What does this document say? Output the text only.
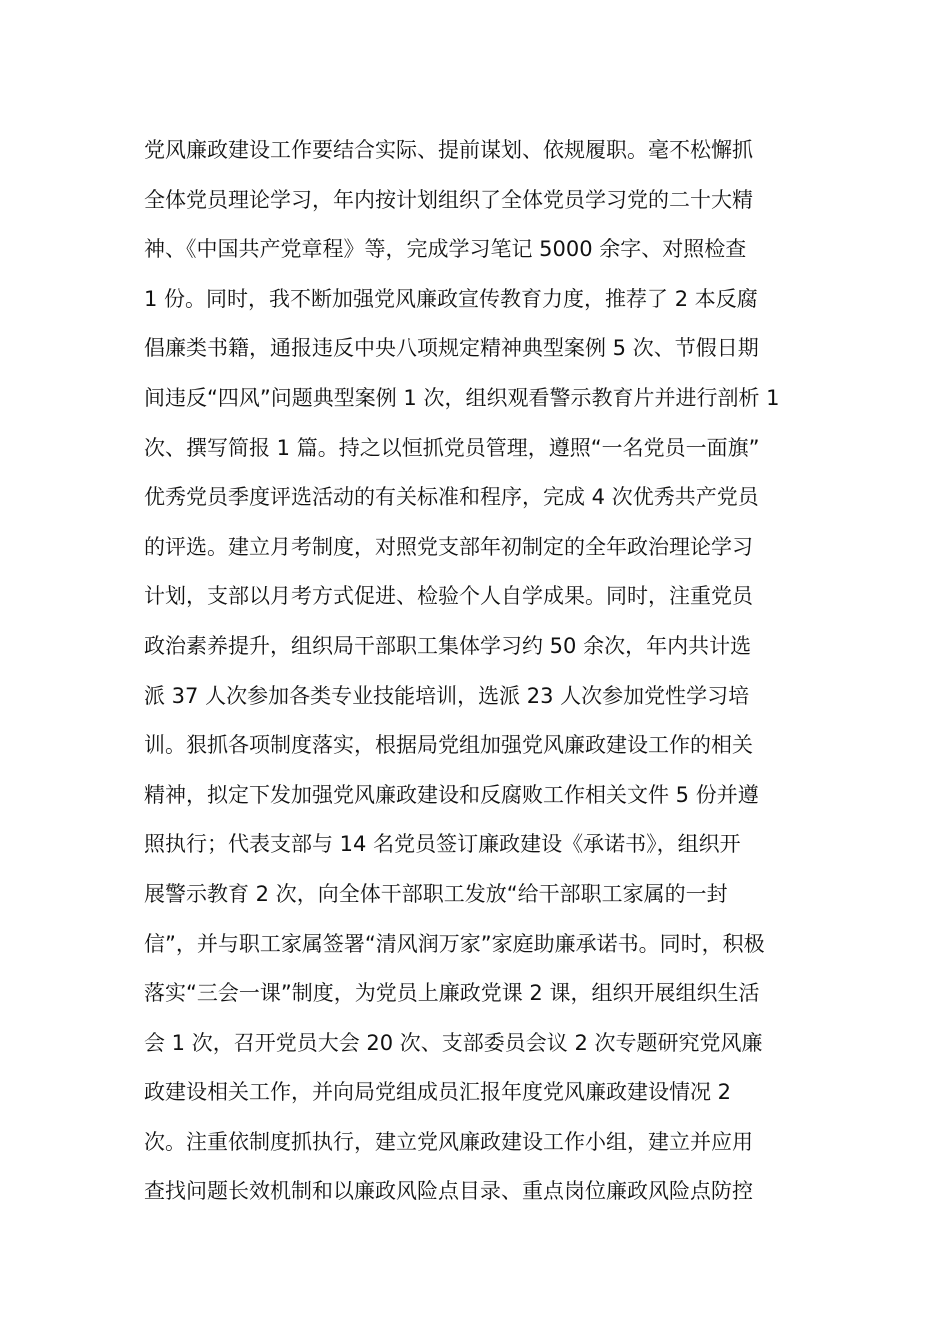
党风廉政建设工作要结合实际、提前谋划、依规履职。毫不松懈抓
全体党员理论学习，年内按计划组织了全体党员学习党的二十大精
神、《中国共产党章程》等，完成学习笔记 5000 余字、对照检查
1 份。同时，我不断加强党风廉政宣传教育力度，推荐了 2 本反腐
倡廉类书籍，通报违反中央八项规定精神典型案例 5 次、节假日期
间违反“四风”问题典型案例 1 次，组织观看警示教育片并进行剖析 1
次、撰写简报 1 篇。持之以恒抓党员管理，遵照“一名党员一面旗”
优秀党员季度评选活动的有关标准和程序，完成 4 次优秀共产党员
的评选。建立月考制度，对照党支部年初制定的全年政治理论学习
计划，支部以月考方式促进、检验个人自学成果。同时，注重党员
政治素养提升，组织局干部职工集体学习约 50 余次，年内共计选
派 37 人次参加各类专业技能培训，选派 23 人次参加党性学习培
训。狠抓各项制度落实，根据局党组加强党风廉政建设工作的相关
精神，拟定下发加强党风廉政建设和反腐败工作相关文件 5 份并遵
照执行；代表支部与 14 名党员签订廉政建设《承诺书》，组织开
展警示教育 2 次，向全体干部职工发放“给干部职工家属的一封
信”，并与职工家属签署“清风润万家”家庭助廉承诺书。同时，积极
落实“三会一课”制度，为党员上廉政党课 2 课，组织开展组织生活
会 1 次，召开党员大会 20 次、支部委员会议 2 次专题研究党风廉
政建设相关工作，并向局党组成员汇报年度党风廉政建设情况 2
次。注重依制度抓执行，建立党风廉政建设工作小组，建立并应用
查找问题长效机制和以廉政风险点目录、重点岗位廉政风险点防控
